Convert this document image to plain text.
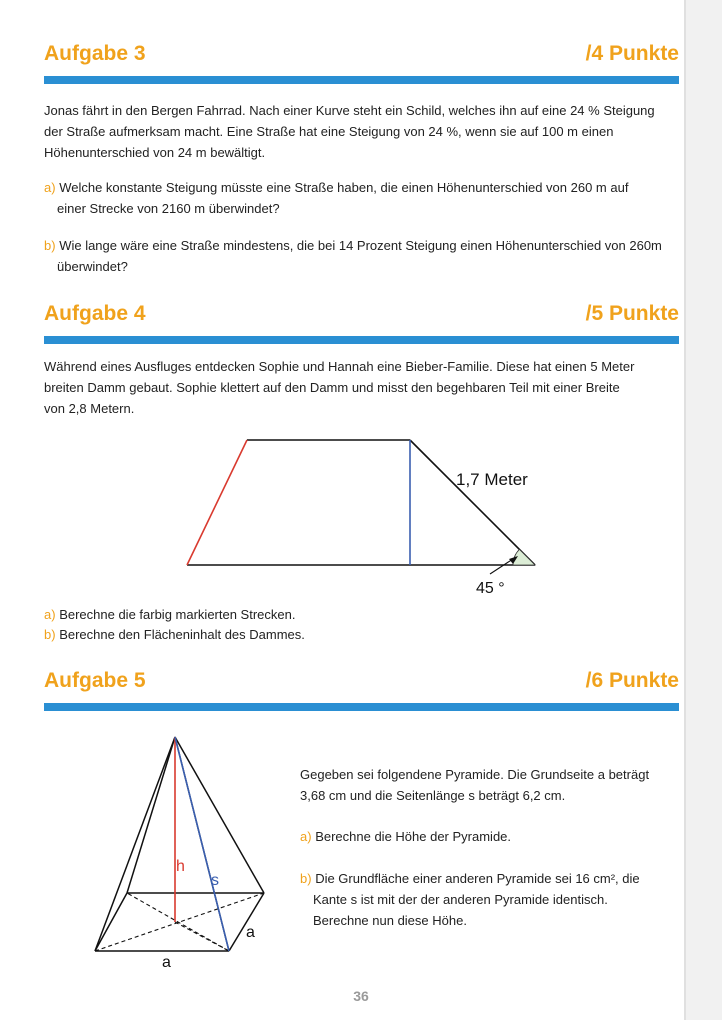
Aufgabe 3	/4 Punkte
Jonas fährt in den Bergen Fahrrad. Nach einer Kurve steht ein Schild, welches ihn auf eine 24 % Steigung
der Straße aufmerksam macht. Eine Straße hat eine Steigung von 24 %, wenn sie auf 100 m einen
Höhenunterschied von 24 m bewältigt.
a) Welche konstante Steigung müsste eine Straße haben, die einen Höhenunterschied von 260 m auf
einer Strecke von 2160 m überwindet?
b) Wie lange wäre eine Straße mindestens, die bei 14 Prozent Steigung einen Höhenunterschied von 260m
überwindet?
Aufgabe 4	/5 Punkte
Während eines Ausfluges entdecken Sophie und Hannah eine Bieber-Familie. Diese hat einen 5 Meter
breiten Damm gebaut. Sophie klettert auf den Damm und misst den begehbaren Teil mit einer Breite
von 2,8 Metern.
1,7 Meter
45 °
a) Berechne die farbig markierten Strecken.
b) Berechne den Flächeninhalt des Dammes.
Aufgabe 5	/6 Punkte
h
s
a
a
Gegeben sei folgendene Pyramide. Die Grundseite a beträgt
3,68 cm und die Seitenlänge s beträgt 6,2 cm.
a) Berechne die Höhe der Pyramide.
b) Die Grundfläche einer anderen Pyramide sei 16 cm², die
Kante s ist mit der der anderen Pyramide identisch.
Berechne nun diese Höhe.
36
